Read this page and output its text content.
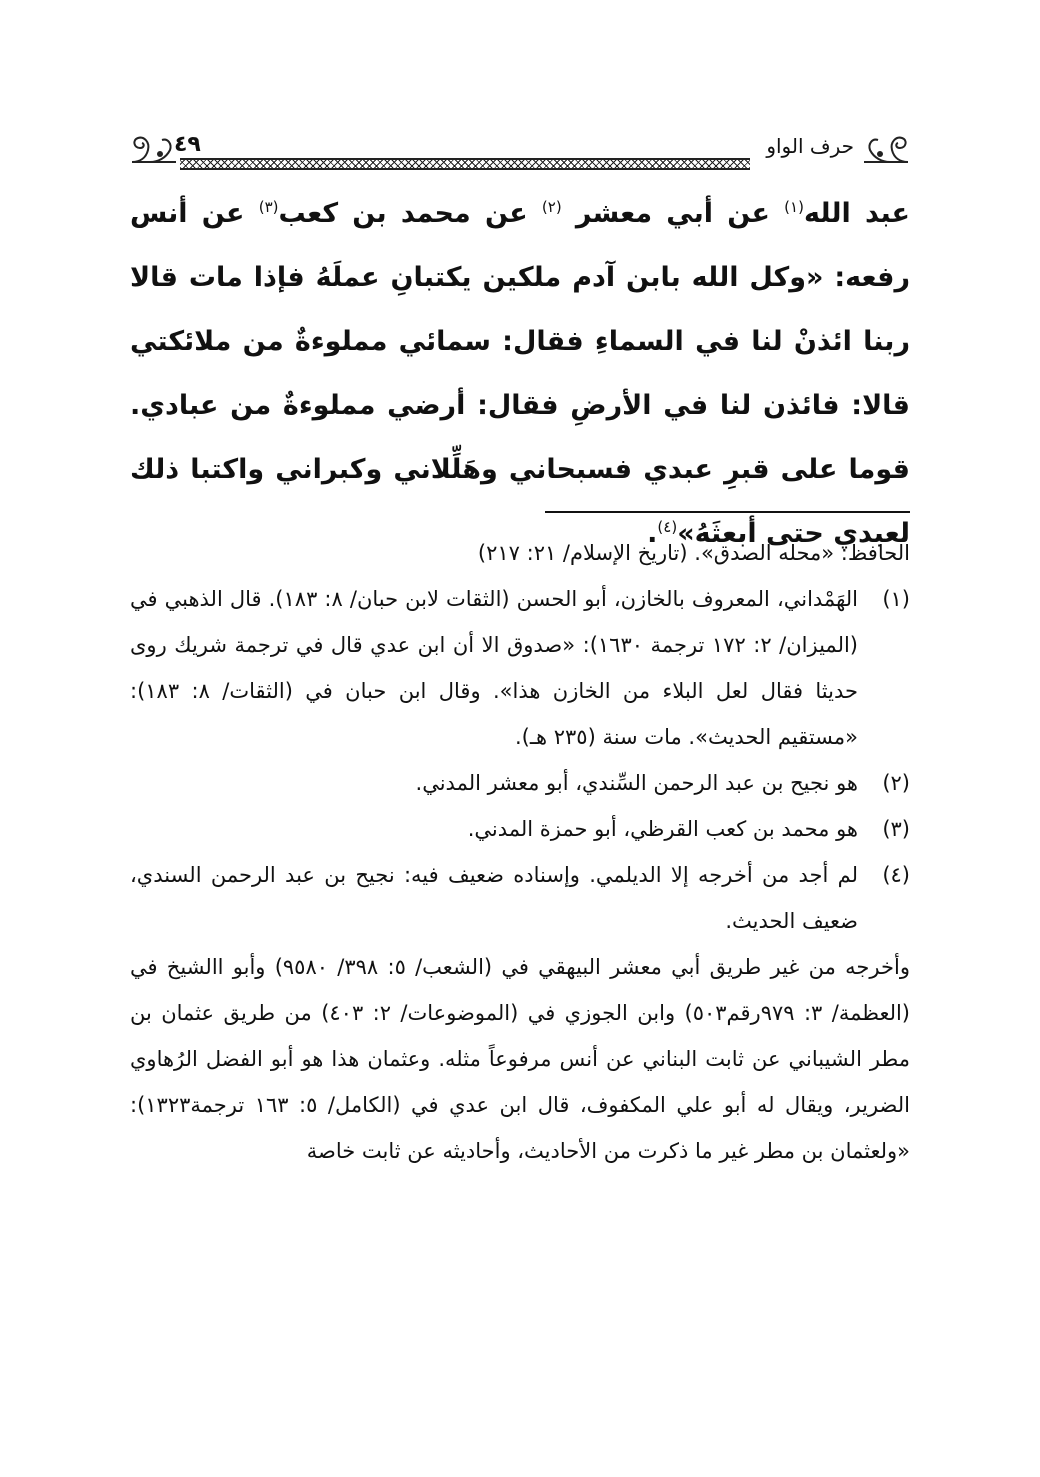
حرف الواو
٤٩
عبد الله$^{(١)}$ عن أبي معشر $^{(٢)}$ عن محمد بن كعب$^{(٣)}$ عن أنس رفعه: «وكل الله بابن آدم ملكين يكتبانِ عملَهُ فإذا مات قالا ربنا ائذنْ لنا في السماءِ فقال: سمائي مملوءةٌ من ملائكتي قالا: فائذن لنا في الأرضِ فقال: أرضي مملوءةٌ من عبادي. قوما على قبرِ عبدي فسبحاني وهَلِّلاني وكبراني واكتبا ذلك لعبدي حتى أبعثَهُ»$^{(٤)}$.

الحافظ: «محله الصدق». (تاريخ الإسلام/ ٢١: ٢١٧)

(١)
الهَمْداني، المعروف بالخازن، أبو الحسن (الثقات لابن حبان/ ٨: ١٨٣). قال الذهبي في (الميزان/ ٢: ١٧٢ ترجمة ١٦٣٠): «صدوق الا أن ابن عدي قال في ترجمة شريك روى حديثا فقال لعل البلاء من الخازن هذا». وقال ابن حبان في (الثقات/ ٨: ١٨٣): «مستقيم الحديث». مات سنة (٢٣٥ هـ).
(٢)
هو نجيح بن عبد الرحمن السِّندي، أبو معشر المدني.
(٣)
هو محمد بن كعب القرظي، أبو حمزة المدني.
(٤)
لم أجد من أخرجه إلا الديلمي. وإسناده ضعيف فيه: نجيح بن عبد الرحمن السندي، ضعيف الحديث.

وأخرجه من غير طريق أبي معشر البيهقي في (الشعب/ ٥: ٣٩٨/ ٩٥٨٠) وأبو االشيخ في (العظمة/ ٣: ٩٧٩رقم٥٠٣) وابن الجوزي في (الموضوعات/ ٢: ٤٠٣) من طريق عثمان بن مطر الشيباني عن ثابت البناني عن أنس مرفوعاً مثله. وعثمان هذا هو أبو الفضل الرُهاوي الضرير، ويقال له أبو علي المكفوف، قال ابن عدي في (الكامل/ ٥: ١٦٣ ترجمة١٣٢٣): «ولعثمان بن مطر غير ما ذكرت من الأحاديث، وأحاديثه عن ثابت خاصة
